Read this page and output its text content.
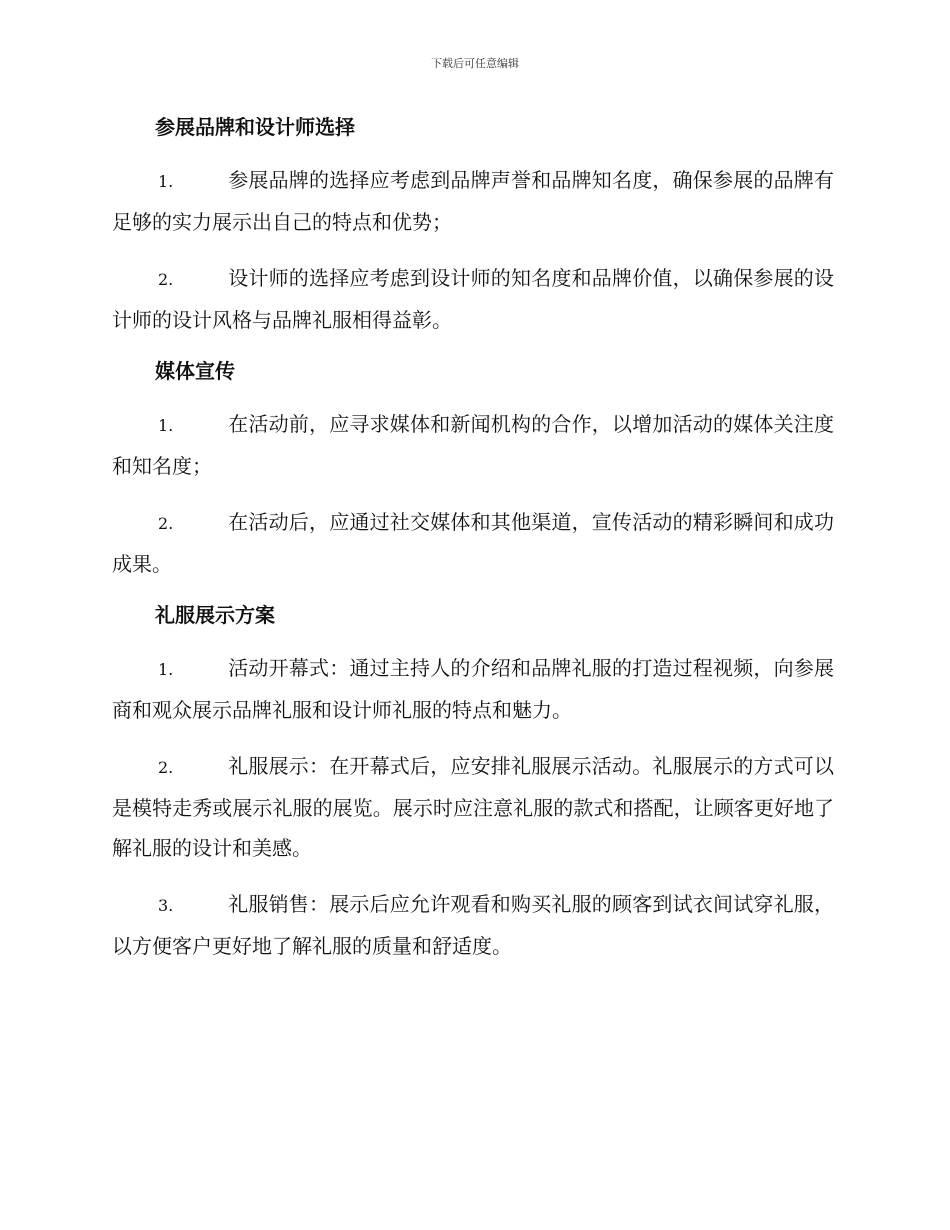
下载后可任意编辑
参展品牌和设计师选择

1.	参展品牌的选择应考虑到品牌声誉和品牌知名度，确保参展的品牌有足够的实力展示出自己的特点和优势；

2.	设计师的选择应考虑到设计师的知名度和品牌价值，以确保参展的设计师的设计风格与品牌礼服相得益彰。

媒体宣传

1.	在活动前，应寻求媒体和新闻机构的合作，以增加活动的媒体关注度和知名度；

2.	在活动后，应通过社交媒体和其他渠道，宣传活动的精彩瞬间和成功成果。

礼服展示方案

1.	活动开幕式：通过主持人的介绍和品牌礼服的打造过程视频，向参展商和观众展示品牌礼服和设计师礼服的特点和魅力。

2.	礼服展示：在开幕式后，应安排礼服展示活动。礼服展示的方式可以是模特走秀或展示礼服的展览。展示时应注意礼服的款式和搭配，让顾客更好地了解礼服的设计和美感。

3.	礼服销售：展示后应允许观看和购买礼服的顾客到试衣间试穿礼服，以方便客户更好地了解礼服的质量和舒适度。
